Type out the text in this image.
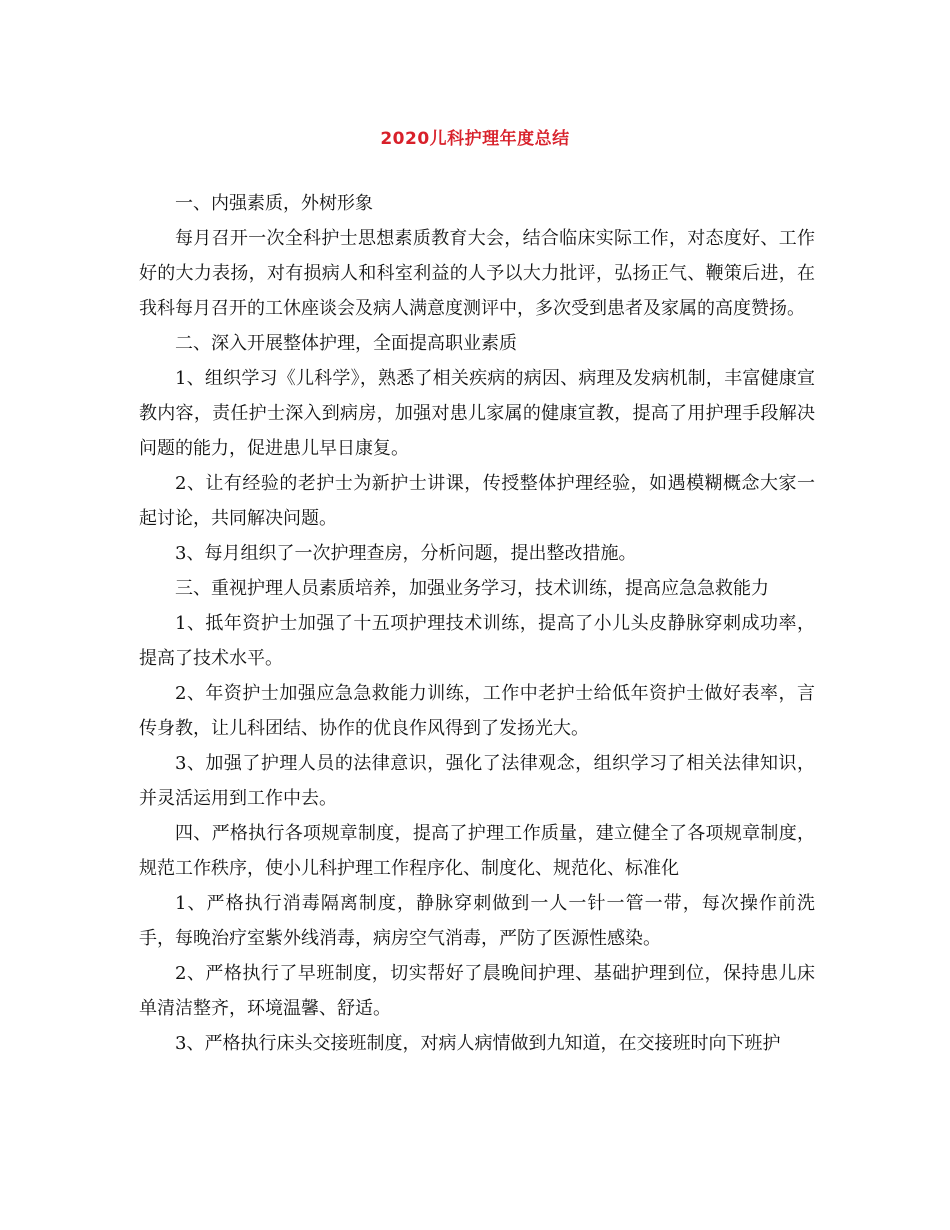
2020儿科护理年度总结

一、内强素质，外树形象

每月召开一次全科护士思想素质教育大会，结合临床实际工作，对态度好、工作好的大力表扬，对有损病人和科室利益的人予以大力批评，弘扬正气、鞭策后进，在我科每月召开的工休座谈会及病人满意度测评中，多次受到患者及家属的高度赞扬。

二、深入开展整体护理，全面提高职业素质

1、组织学习《儿科学》，熟悉了相关疾病的病因、病理及发病机制，丰富健康宣教内容，责任护士深入到病房，加强对患儿家属的健康宣教，提高了用护理手段解决问题的能力，促进患儿早日康复。

2、让有经验的老护士为新护士讲课，传授整体护理经验，如遇模糊概念大家一起讨论，共同解决问题。

3、每月组织了一次护理查房，分析问题，提出整改措施。

三、重视护理人员素质培养，加强业务学习，技术训练，提高应急急救能力

1、抵年资护士加强了十五项护理技术训练，提高了小儿头皮静脉穿刺成功率，提高了技术水平。

2、年资护士加强应急急救能力训练，工作中老护士给低年资护士做好表率，言传身教，让儿科团结、协作的优良作风得到了发扬光大。

3、加强了护理人员的法律意识，强化了法律观念，组织学习了相关法律知识，并灵活运用到工作中去。

四、严格执行各项规章制度，提高了护理工作质量，建立健全了各项规章制度，规范工作秩序，使小儿科护理工作程序化、制度化、规范化、标准化

1、严格执行消毒隔离制度，静脉穿刺做到一人一针一管一带，每次操作前洗手，每晚治疗室紫外线消毒，病房空气消毒，严防了医源性感染。

2、严格执行了早班制度，切实帮好了晨晚间护理、基础护理到位，保持患儿床单清洁整齐，环境温馨、舒适。

3、严格执行床头交接班制度，对病人病情做到九知道，在交接班时向下班护
